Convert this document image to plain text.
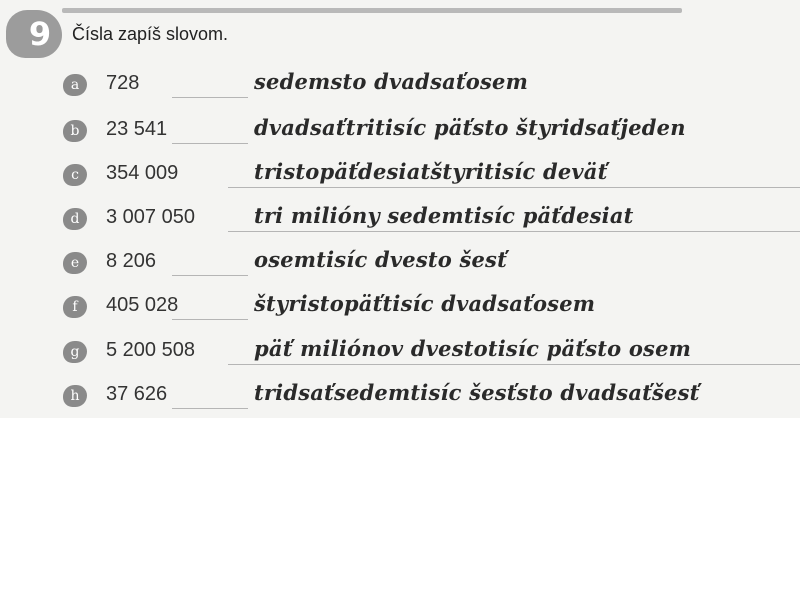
9	Čísla zapíš slovom.
a	728	sedemsto dvadsaťosem
b	23 541	dvadsaťtritisíc päťsto štyridsaťjeden
c	354 009	tristopäťdesiatštyritisíc deväť
d	3 007 050	tri milióny sedemtisíc päťdesiat
e	8 206	osemtisíc dvesto šesť
f	405 028	štyristopäťtisíc dvadsaťosem
g	5 200 508	päť miliónov dvestotisíc päťsto osem
h	37 626	tridsaťsedemtisíc šesťsto dvadsaťšesť
